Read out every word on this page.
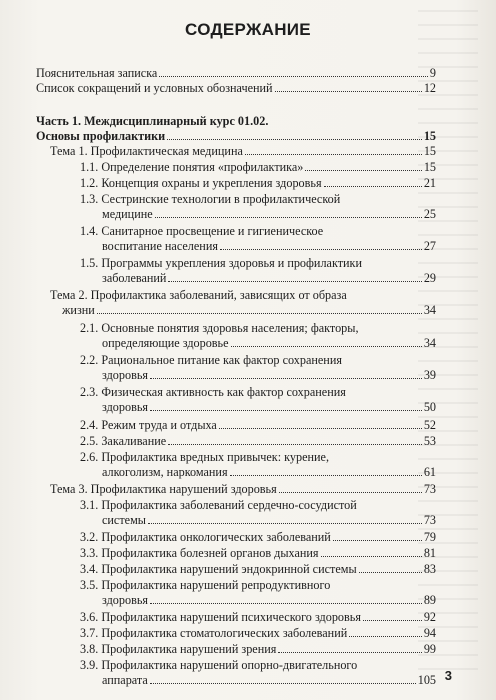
СОДЕРЖАНИЕ
Пояснительная записка	9
Список сокращений и условных обозначений	12
Часть 1. Междисциплинарный курс 01.02.
Основы профилактики	15
Тема 1. Профилактическая медицина	15
1.1. Определение понятия «профилактика»	15
1.2. Концепция охраны и укрепления здоровья	21
1.3. Сестринские технологии в профилактической
медицине	25
1.4. Санитарное просвещение и гигиеническое
воспитание населения	27
1.5. Программы укрепления здоровья и профилактики
заболеваний	29
Тема 2. Профилактика заболеваний, зависящих от образа
жизни	34
2.1. Основные понятия здоровья населения; факторы,
определяющие здоровье	34
2.2. Рациональное питание как фактор сохранения
здоровья	39
2.3. Физическая активность как фактор сохранения
здоровья	50
2.4. Режим труда и отдыха	52
2.5. Закаливание	53
2.6. Профилактика вредных привычек: курение,
алкоголизм, наркомания	61
Тема 3. Профилактика нарушений здоровья	73
3.1. Профилактика заболеваний сердечно-сосудистой
системы	73
3.2. Профилактика онкологических заболеваний	79
3.3. Профилактика болезней органов дыхания	81
3.4. Профилактика нарушений эндокринной системы	83
3.5. Профилактика нарушений репродуктивного
здоровья	89
3.6. Профилактика нарушений психического здоровья	92
3.7. Профилактика стоматологических заболеваний	94
3.8. Профилактика нарушений зрения	99
3.9. Профилактика нарушений опорно-двигательного
аппарата	105 3
